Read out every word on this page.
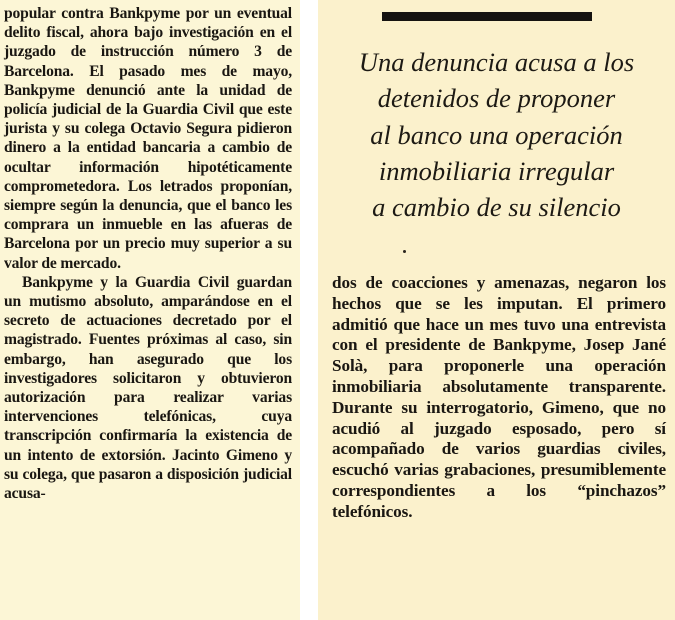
popular contra Bankpyme por un eventual delito fiscal, ahora bajo investigación en el juzgado de instrucción número 3 de Barcelona. El pasado mes de mayo, Bankpyme denunció ante la unidad de policía judicial de la Guardia Civil que este jurista y su colega Octavio Segura pidieron dinero a la entidad bancaria a cambio de ocultar información hipotéticamente comprometedora. Los letrados proponían, siempre según la denuncia, que el banco les comprara un inmueble en las afueras de Barcelona por un precio muy superior a su valor de mercado.

Bankpyme y la Guardia Civil guardan un mutismo absoluto, amparándose en el secreto de actuaciones decretado por el magistrado. Fuentes próximas al caso, sin embargo, han asegurado que los investigadores solicitaron y obtuvieron autorización para realizar varias intervenciones telefónicas, cuya transcripción confirmaría la existencia de un intento de extorsión. Jacinto Gimeno y su colega, que pasaron a disposición judicial acusa-

Una denuncia acusa a los
detenidos de proponer
al banco una operación
inmobiliaria irregular
a cambio de su silencio

dos de coacciones y amenazas, negaron los hechos que se les imputan. El primero admitió que hace un mes tuvo una entrevista con el presidente de Bankpyme, Josep Jané Solà, para proponerle una operación inmobiliaria absolutamente transparente. Durante su interrogatorio, Gimeno, que no acudió al juzgado esposado, pero sí acompañado de varios guardias civiles, escuchó varias grabaciones, presumiblemente correspondientes a los “pinchazos” telefónicos.
